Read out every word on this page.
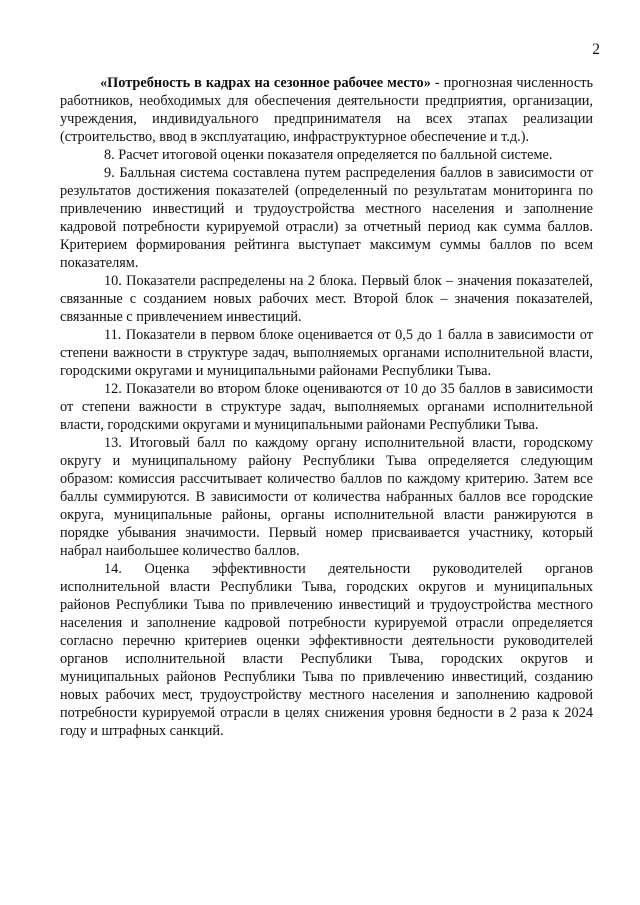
2

«Потребность в кадрах на сезонное рабочее место» - прогнозная численность работников, необходимых для обеспечения деятельности предприятия, организации, учреждения, индивидуального предпринимателя на всех этапах реализации (строительство, ввод в эксплуатацию, инфраструктурное обеспечение и т.д.).

8. Расчет итоговой оценки показателя определяется по балльной системе.

9. Балльная система составлена путем распределения баллов в зависимости от результатов достижения показателей (определенный по результатам мониторинга по привлечению инвестиций и трудоустройства местного населения и заполнение кадровой потребности курируемой отрасли) за отчетный период как сумма баллов. Критерием формирования рейтинга выступает максимум суммы баллов по всем показателям.

10. Показатели распределены на 2 блока. Первый блок – значения показателей, связанные с созданием новых рабочих мест. Второй блок – значения показателей, связанные с привлечением инвестиций.

11. Показатели в первом блоке оценивается от 0,5 до 1 балла в зависимости от степени важности в структуре задач, выполняемых органами исполнительной власти, городскими округами и муниципальными районами Республики Тыва.

12. Показатели во втором блоке оцениваются от 10 до 35 баллов в зависимости от степени важности в структуре задач, выполняемых органами исполнительной власти, городскими округами и муниципальными районами Республики Тыва.

13. Итоговый балл по каждому органу исполнительной власти, городскому округу и муниципальному району Республики Тыва определяется следующим образом: комиссия рассчитывает количество баллов по каждому критерию. Затем все баллы суммируются. В зависимости от количества набранных баллов все городские округа, муниципальные районы, органы исполнительной власти ранжируются в порядке убывания значимости. Первый номер присваивается участнику, который набрал наибольшее количество баллов.

14. Оценка эффективности деятельности руководителей органов исполнительной власти Республики Тыва, городских округов и муниципальных районов Республики Тыва по привлечению инвестиций и трудоустройства местного населения и заполнение кадровой потребности курируемой отрасли определяется согласно перечню критериев оценки эффективности деятельности руководителей органов исполнительной власти Республики Тыва, городских округов и муниципальных районов Республики Тыва по привлечению инвестиций, созданию новых рабочих мест, трудоустройству местного населения и заполнению кадровой потребности курируемой отрасли в целях снижения уровня бедности в 2 раза к 2024 году и штрафных санкций.
